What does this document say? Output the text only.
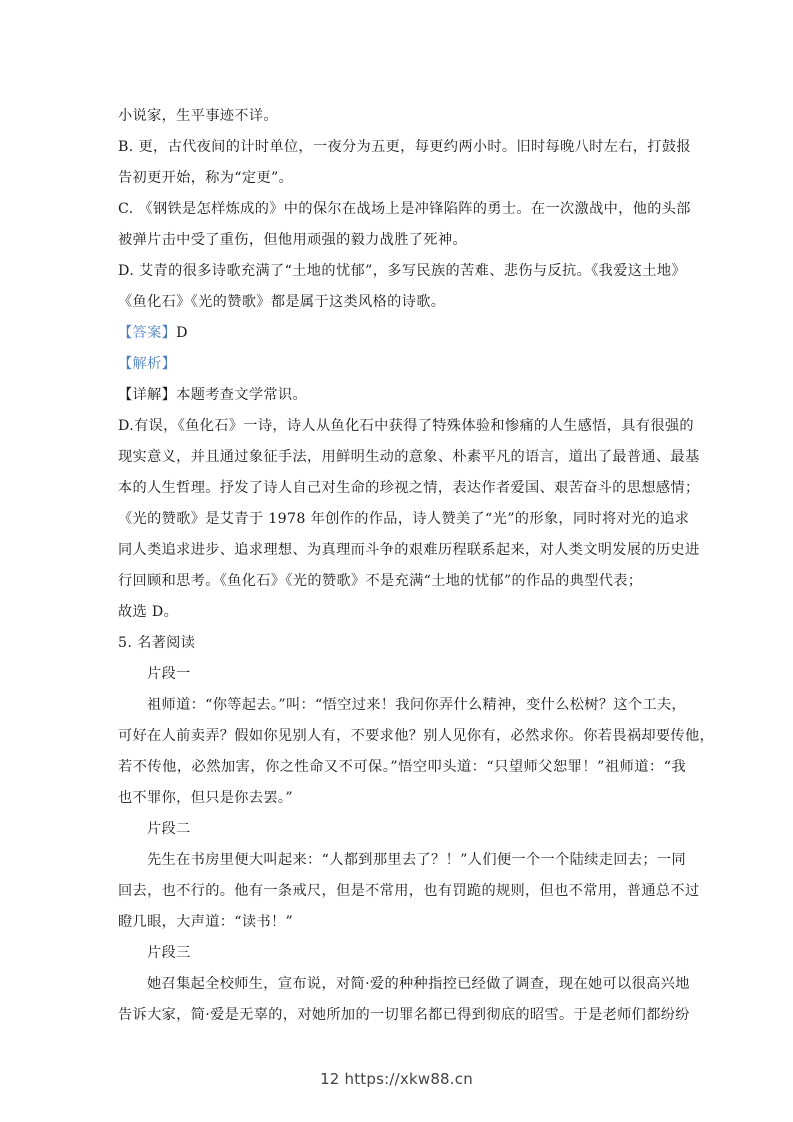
小说家，生平事迹不详。
B. 更，古代夜间的计时单位，一夜分为五更，每更约两小时。旧时每晚八时左右，打鼓报
告初更开始，称为“定更”。
C. 《钢铁是怎样炼成的》中的保尔在战场上是冲锋陷阵的勇士。在一次激战中，他的头部
被弹片击中受了重伤，但他用顽强的毅力战胜了死神。
D. 艾青的很多诗歌充满了“土地的忧郁”，多写民族的苦难、悲伤与反抗。《我爱这土地》
《鱼化石》《光的赞歌》都是属于这类风格的诗歌。
【答案】D
【解析】
【详解】本题考查文学常识。
D.有误，《鱼化石》一诗，诗人从鱼化石中获得了特殊体验和惨痛的人生感悟，具有很强的
现实意义，并且通过象征手法，用鲜明生动的意象、朴素平凡的语言，道出了最普通、最基
本的人生哲理。抒发了诗人自己对生命的珍视之情，表达作者爱国、艰苦奋斗的思想感情；
《光的赞歌》是艾青于 1978 年创作的作品，诗人赞美了“光”的形象，同时将对光的追求
同人类追求进步、追求理想、为真理而斗争的艰难历程联系起来，对人类文明发展的历史进
行回顾和思考。《鱼化石》《光的赞歌》不是充满“土地的忧郁”的作品的典型代表；
故选 D。
5. 名著阅读
片段一
祖师道：“你等起去。”叫：“悟空过来！我问你弄什么精神，变什么松树？这个工夫，
可好在人前卖弄？假如你见别人有，不要求他？别人见你有，必然求你。你若畏祸却要传他，
若不传他，必然加害，你之性命又不可保。”悟空叩头道：“只望师父恕罪！”祖师道：“我
也不罪你，但只是你去罢。”
片段二
先生在书房里便大叫起来：“人都到那里去了？！”人们便一个一个陆续走回去；一同
回去，也不行的。他有一条戒尺，但是不常用，也有罚跪的规则，但也不常用，普通总不过
瞪几眼，大声道：“读书！”
片段三
她召集起全校师生，宣布说，对简·爱的种种指控已经做了调查，现在她可以很高兴地
告诉大家，简·爱是无辜的，对她所加的一切罪名都已得到彻底的昭雪。于是老师们都纷纷
12 https://xkw88.cn
